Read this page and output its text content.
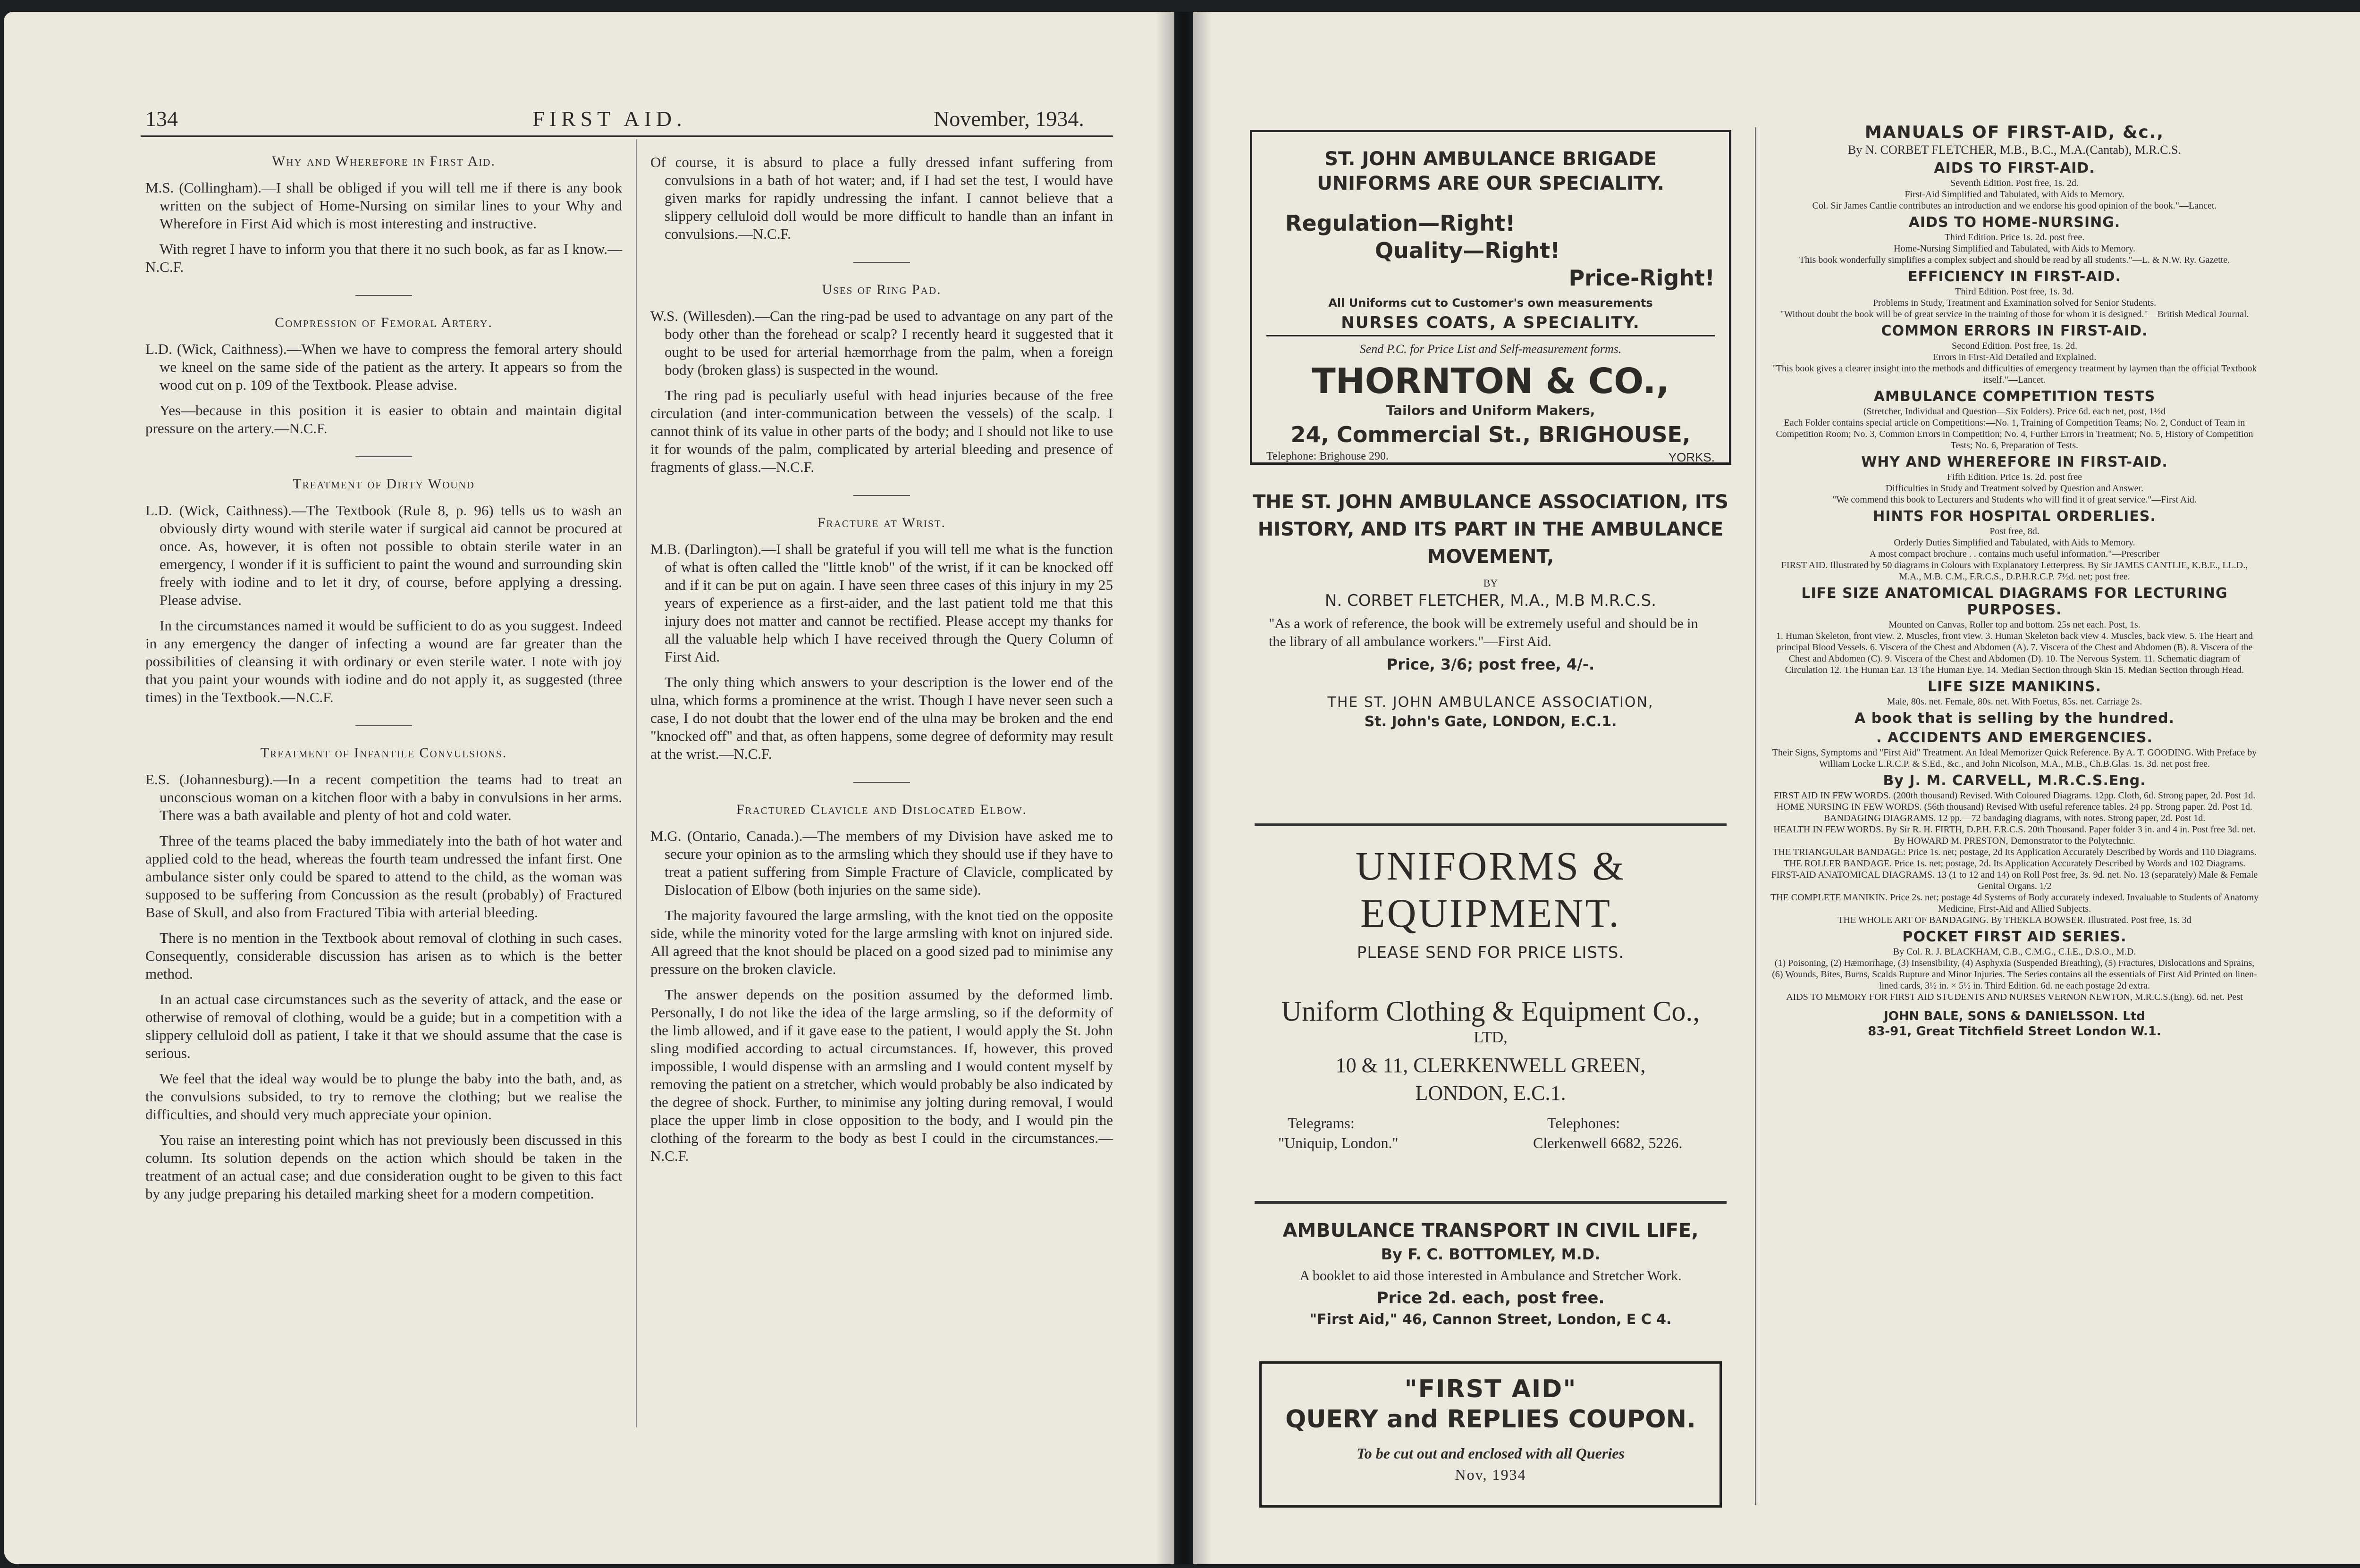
134	FIRST AID.	November, 1934.
Why and Wherefore in First Aid.

M.S. (Collingham).—I shall be obliged if you will tell me if there is any book written on the subject of Home-Nursing on similar lines to your Why and Wherefore in First Aid which is most interesting and instructive.

With regret I have to inform you that there it no such book, as far as I know.—N.C.F.

Compression of Femoral Artery.

L.D. (Wick, Caithness).—When we have to compress the femoral artery should we kneel on the same side of the patient as the artery. It appears so from the wood cut on p. 109 of the Textbook. Please advise.

Yes—because in this position it is easier to obtain and maintain digital pressure on the artery.—N.C.F.

Treatment of Dirty Wound

L.D. (Wick, Caithness).—The Textbook (Rule 8, p. 96) tells us to wash an obviously dirty wound with sterile water if surgical aid cannot be procured at once. As, however, it is often not possible to obtain sterile water in an emergency, I wonder if it is sufficient to paint the wound and surrounding skin freely with iodine and to let it dry, of course, before applying a dressing. Please advise.

In the circumstances named it would be sufficient to do as you suggest. Indeed in any emergency the danger of infecting a wound are far greater than the possibilities of cleansing it with ordinary or even sterile water. I note with joy that you paint your wounds with iodine and do not apply it, as suggested (three times) in the Textbook.—N.C.F.

Treatment of Infantile Convulsions.

E.S. (Johannesburg).—In a recent competition the teams had to treat an unconscious woman on a kitchen floor with a baby in convulsions in her arms. There was a bath available and plenty of hot and cold water.

Three of the teams placed the baby immediately into the bath of hot water and applied cold to the head, whereas the fourth team undressed the infant first. One ambulance sister only could be spared to attend to the child, as the woman was supposed to be suffering from Concussion as the result (probably) of Fractured Base of Skull, and also from Fractured Tibia with arterial bleeding.

There is no mention in the Textbook about removal of clothing in such cases. Consequently, considerable discussion has arisen as to which is the better method.

In an actual case circumstances such as the severity of attack, and the ease or otherwise of removal of clothing, would be a guide; but in a competition with a slippery celluloid doll as patient, I take it that we should assume that the case is serious.

We feel that the ideal way would be to plunge the baby into the bath, and, as the convulsions subsided, to try to remove the clothing; but we realise the difficulties, and should very much appreciate your opinion.

You raise an interesting point which has not previously been discussed in this column. Its solution depends on the action which should be taken in the treatment of an actual case; and due consideration ought to be given to this fact by any judge preparing his detailed marking sheet for a modern competition.

Of course, it is absurd to place a fully dressed infant suffering from convulsions in a bath of hot water; and, if I had set the test, I would have given marks for rapidly undressing the infant. I cannot believe that a slippery celluloid doll would be more difficult to handle than an infant in convulsions.—N.C.F.

Uses of Ring Pad.

W.S. (Willesden).—Can the ring-pad be used to advantage on any part of the body other than the forehead or scalp? I recently heard it suggested that it ought to be used for arterial hæmorrhage from the palm, when a foreign body (broken glass) is suspected in the wound.

The ring pad is peculiarly useful with head injuries because of the free circulation (and inter-communication between the vessels) of the scalp. I cannot think of its value in other parts of the body; and I should not like to use it for wounds of the palm, complicated by arterial bleeding and presence of fragments of glass.—N.C.F.

Fracture at Wrist.

M.B. (Darlington).—I shall be grateful if you will tell me what is the function of what is often called the "little knob" of the wrist, if it can be knocked off and if it can be put on again. I have seen three cases of this injury in my 25 years of experience as a first-aider, and the last patient told me that this injury does not matter and cannot be rectified. Please accept my thanks for all the valuable help which I have received through the Query Column of First Aid.

The only thing which answers to your description is the lower end of the ulna, which forms a prominence at the wrist. Though I have never seen such a case, I do not doubt that the lower end of the ulna may be broken and the end "knocked off" and that, as often happens, some degree of deformity may result at the wrist.—N.C.F.

Fractured Clavicle and Dislocated Elbow.

M.G. (Ontario, Canada.).—The members of my Division have asked me to secure your opinion as to the armsling which they should use if they have to treat a patient suffering from Simple Fracture of Clavicle, complicated by Dislocation of Elbow (both injuries on the same side).

The majority favoured the large armsling, with the knot tied on the opposite side, while the minority voted for the large armsling with knot on injured side. All agreed that the knot should be placed on a good sized pad to minimise any pressure on the broken clavicle.

The answer depends on the position assumed by the deformed limb. Personally, I do not like the idea of the large armsling, so if the deformity of the limb allowed, and if it gave ease to the patient, I would apply the St. John sling modified according to actual circumstances. If, however, this proved impossible, I would dispense with an armsling and I would content myself by removing the patient on a stretcher, which would probably be also indicated by the degree of shock. Further, to minimise any jolting during removal, I would place the upper limb in close opposition to the body, and I would pin the clothing of the forearm to the body as best I could in the circumstances.—N.C.F.

ST. JOHN AMBULANCE BRIGADE
UNIFORMS ARE OUR SPECIALITY.
Regulation—Right!
Quality—Right!
Price-Right!
All Uniforms cut to Customer's own measurements
NURSES COATS, A SPECIALITY.
Send P.C. for Price List and Self-measurement forms.
THORNTON & CO.,
Tailors and Uniform Makers,
24, Commercial St., BRIGHOUSE,
Telephone: Brighouse 290.	YORKS.
THE ST. JOHN AMBULANCE ASSOCIATION, ITS HISTORY, AND ITS PART IN THE AMBULANCE MOVEMENT,
BY
N. CORBET FLETCHER, M.A., M.B M.R.C.S.
"As a work of reference, the book will be extremely useful and should be in the library of all ambulance workers."—First Aid.
Price, 3/6; post free, 4/-.
THE ST. JOHN AMBULANCE ASSOCIATION,
St. John's Gate, LONDON, E.C.1.
UNIFORMS & EQUIPMENT.
PLEASE SEND FOR PRICE LISTS.
Uniform Clothing & Equipment Co.,
LTD,
10 & 11, CLERKENWELL GREEN,
LONDON, E.C.1.
Telegrams:
"Uniquip, London."
Telephones:
Clerkenwell 6682, 5226.
AMBULANCE TRANSPORT IN CIVIL LIFE,
By F. C. BOTTOMLEY, M.D.
A booklet to aid those interested in Ambulance and Stretcher Work.
Price 2d. each, post free.
"First Aid," 46, Cannon Street, London, E C 4.
"FIRST AID"
QUERY and REPLIES COUPON.
To be cut out and enclosed with all Queries
Nov, 1934
MANUALS OF FIRST-AID, &c.,
By N. CORBET FLETCHER, M.B., B.C., M.A.(Cantab), M.R.C.S.
AIDS TO FIRST-AID.

Seventh Edition. Post free, 1s. 2d.

First-Aid Simplified and Tabulated, with Aids to Memory.

Col. Sir James Cantlie contributes an introduction and we endorse his good opinion of the book."—Lancet.

AIDS TO HOME-NURSING.

Third Edition. Price 1s. 2d. post free.

Home-Nursing Simplified and Tabulated, with Aids to Memory.

This book wonderfully simplifies a complex subject and should be read by all students."—L. & N.W. Ry. Gazette.

EFFICIENCY IN FIRST-AID.

Third Edition. Post free, 1s. 3d.

Problems in Study, Treatment and Examination solved for Senior Students.

"Without doubt the book will be of great service in the training of those for whom it is designed."—British Medical Journal.

COMMON ERRORS IN FIRST-AID.

Second Edition. Post free, 1s. 2d.

Errors in First-Aid Detailed and Explained.

"This book gives a clearer insight into the methods and difficulties of emergency treatment by laymen than the official Textbook itself."—Lancet.

AMBULANCE COMPETITION TESTS

(Stretcher, Individual and Question—Six Folders). Price 6d. each net, post, 1½d

Each Folder contains special article on Competitions:—No. 1, Training of Competition Teams; No. 2, Conduct of Team in Competition Room; No. 3, Common Errors in Competition; No. 4, Further Errors in Treatment; No. 5, History of Competition Tests; No. 6, Preparation of Tests.

WHY AND WHEREFORE IN FIRST-AID.

Fifth Edition. Price 1s. 2d. post free

Difficulties in Study and Treatment solved by Question and Answer.

"We commend this book to Lecturers and Students who will find it of great service."—First Aid.

HINTS FOR HOSPITAL ORDERLIES.

Post free, 8d.

Orderly Duties Simplified and Tabulated, with Aids to Memory.

A most compact brochure . . contains much useful information."—Prescriber

FIRST AID. Illustrated by 50 diagrams in Colours with Explanatory Letterpress. By Sir JAMES CANTLIE, K.B.E., LL.D., M.A., M.B. C.M., F.R.C.S., D.P.H.R.C.P. 7½d. net; post free.

LIFE SIZE ANATOMICAL DIAGRAMS FOR LECTURING PURPOSES.

Mounted on Canvas, Roller top and bottom. 25s net each. Post, 1s.

1. Human Skeleton, front view. 2. Muscles, front view. 3. Human Skeleton back view 4. Muscles, back view. 5. The Heart and principal Blood Vessels. 6. Viscera of the Chest and Abdomen (A). 7. Viscera of the Chest and Abdomen (B). 8. Viscera of the Chest and Abdomen (C). 9. Viscera of the Chest and Abdomen (D). 10. The Nervous System. 11. Schematic diagram of Circulation 12. The Human Ear. 13 The Human Eye. 14. Median Section through Skin 15. Median Section through Head.

LIFE SIZE MANIKINS.

Male, 80s. net. Female, 80s. net. With Foetus, 85s. net. Carriage 2s.

A book that is selling by the hundred.
. ACCIDENTS AND EMERGENCIES.

Their Signs, Symptoms and "First Aid" Treatment. An Ideal Memorizer Quick Reference. By A. T. GOODING. With Preface by William Locke L.R.C.P. & S.Ed., &c., and John Nicolson, M.A., M.B., Ch.B.Glas. 1s. 3d. net post free.

By J. M. CARVELL, M.R.C.S.Eng.

FIRST AID IN FEW WORDS. (200th thousand) Revised. With Coloured Diagrams. 12pp. Cloth, 6d. Strong paper, 2d. Post 1d.

HOME NURSING IN FEW WORDS. (56th thousand) Revised With useful reference tables. 24 pp. Strong paper. 2d. Post 1d.

BANDAGING DIAGRAMS. 12 pp.—72 bandaging diagrams, with notes. Strong paper, 2d. Post 1d.

HEALTH IN FEW WORDS. By Sir R. H. FIRTH, D.P.H. F.R.C.S. 20th Thousand. Paper folder 3 in. and 4 in. Post free 3d. net.

By HOWARD M. PRESTON, Demonstrator to the Polytechnic.

THE TRIANGULAR BANDAGE: Price 1s. net; postage, 2d Its Application Accurately Described by Words and 110 Diagrams.

THE ROLLER BANDAGE. Price 1s. net; postage, 2d. Its Application Accurately Described by Words and 102 Diagrams.

FIRST-AID ANATOMICAL DIAGRAMS. 13 (1 to 12 and 14) on Roll Post free, 3s. 9d. net. No. 13 (separately) Male & Female Genital Organs. 1/2

THE COMPLETE MANIKIN. Price 2s. net; postage 4d Systems of Body accurately indexed. Invaluable to Students of Anatomy Medicine, First-Aid and Allied Subjects.

THE WHOLE ART OF BANDAGING. By THEKLA BOWSER. Illustrated. Post free, 1s. 3d

POCKET FIRST AID SERIES.

By Col. R. J. BLACKHAM, C.B., C.M.G., C.I.E., D.S.O., M.D.

(1) Poisoning, (2) Hæmorrhage, (3) Insensibility, (4) Asphyxia (Suspended Breathing), (5) Fractures, Dislocations and Sprains, (6) Wounds, Bites, Burns, Scalds Rupture and Minor Injuries. The Series contains all the essentials of First Aid Printed on linen-lined cards, 3½ in. × 5½ in. Third Edition. 6d. ne each postage 2d extra.

AIDS TO MEMORY FOR FIRST AID STUDENTS AND NURSES VERNON NEWTON, M.R.C.S.(Eng). 6d. net. Pest

JOHN BALE, SONS & DANIELSSON. Ltd
83-91, Great Titchfield Street London W.1.
